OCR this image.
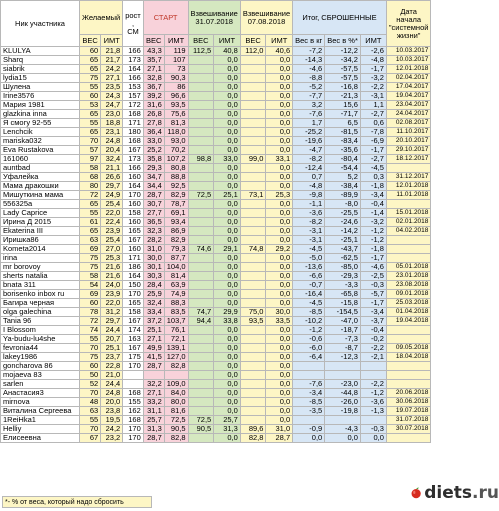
Ник участника	Желаемый		рост , СМ	СТАРТ		Взвешивание 31.07.2018		Взвешивание 07.08.2018		Итог, СБРОШЕННЫЕ			Дата начала "системной жизни"
	ВЕС	ИМТ		ВЕС	ИМТ	ВЕС	ИМТ	ВЕС	ИМТ	Вес в кг	Вес в %*	ИМТ	
KLULYA	60	21,8	166	43,3	119	112,5	40,8	112,0	40,6	-7,2	-12,2	-2,6	10.03.2017
Sharq	65	21,7	173	35,7	107		0,0		0,0	-14,3	-34,2	-4,8	10.03.2017
siabrik	65	24,2	164	27,1	73		0,0		0,0	-4,6	-57,5	-1,7	12.01.2018
lydia15	75	27,1	166	32,8	90,3		0,0		0,0	-8,8	-57,5	-3,2	02.04.2017
Шулена	55	23,5	153	36,7	86		0,0		0,0	-5,2	-16,8	-2,2	17.04.2017
Irine3576	60	24,3	157	39,2	96,6		0,0		0,0	-7,7	-21,3	-3,1	19.04.2017
Мария 1981	53	24,7	172	31,6	93,5		0,0		0,0	3,2	15,6	1,1	23.04.2017
glazkina inna	65	23,0	168	26,8	75,6		0,0		0,0	-7,6	-71,7	-2,7	24.04.2017
Я смогу 92-55	55	18,8	171	27,8	81,3		0,0		0,0	1,7	6,5	0,6	02.08.2017
Lenchcik	65	23,1	180	36,4	118,0		0,0		0,0	-25,2	-81,5	-7,8	11.10.2017
mariska032	70	24,8	168	33,0	93,0		0,0		0,0	-19,6	-83,4	-6,9	20.10.2017
Eva Rustakova	57	20,4	167	25,2	70,2		0,0		0,0	-4,7	-35,6	-1,7	29.10.2017
161060	97	32,4	173	35,8	107,2	98,8	33,0	99,0	33,1	-8,2	-80,4	-2,7	18.12.2017
auntbad	58	21,1	166	29,3	80,8		0,0		0,0	-12,4	-54,4	-4,5	
Уфалейка	68	26,6	160	34,7	88,8		0,0		0,0	0,7	5,2	0,3	31.12.2017
Мама дракошки	80	29,7	164	34,4	92,5		0,0		0,0	-4,8	-38,4	-1,8	12.01.2018
Мишуткина мама	72	24,9	170	28,7	82,9	72,5	25,1	73,1	25,3	-9,8	-89,9	-3,4	11.01.2018
556325а	65	25,4	160	30,7	78,7		0,0		0,0	-1,1	-8,0	-0,4	
Lady Caprice	55	22,0	158	27,7	69,1		0,0		0,0	-3,6	-25,5	-1,4	15.01.2018
Ирина Д 2015	61	22,4	160	36,5	93,4		0,0		0,0	-8,2	-24,6	-3,2	02.01.2018
Ekaterina III	65	23,9	165	32,3	86,9		0,0		0,0	-3,1	-14,2	-1,2	04.02.2018
Иришка86	63	25,4	167	28,2	82,9		0,0		0,0	-3,1	-25,1	-1,2	
Kometa2014	69	27,0	160	31,0	79,3	74,6	29,1	74,8	29,2	-4,5	-43,7	-1,8	
irina	75	25,3	171	30,0	87,7		0,0		0,0	-5,0	-62,5	-1,7	
mr borovoy	75	21,6	186	30,1	104,0		0,0		0,0	-13,6	-85,0	-4,6	05.01.2018
sherts natalia	58	21,6	164	30,3	81,4		0,0		0,0	-6,6	-29,3	-2,5	23.01.2018
bnata 311	54	24,0	150	28,4	63,9		0,0		0,0	-0,7	-3,3	-0,3	23.08.2018
borisenko inbox ru	69	23,9	170	25,9	74,9		0,0		0,0	-16,4	-65,8	-5,7	09.01.2018
Багира черная	60	22,0	165	32,4	88,3		0,0		0,0	-4,5	-15,8	-1,7	25.03.2018
olga galechina	78	31,2	158	33,4	83,5	74,7	29,9	75,0	30,0	-8,5	-154,5	-3,4	01.04.2018
Tania 96	72	29,7	167	37,2	103,7	94,4	33,8	93,5	33,5	-10,2	-47,0	-3,7	19.04.2018
I Blossom	74	24,4	174	25,1	76,1		0,0		0,0	-1,2	-18,7	-0,4	
Ya-budu-lu4she	55	20,7	163	27,1	72,1		0,0		0,0	-0,6	-7,3	-0,2	
fevronia44	70	25,1	167	49,9	139,1		0,0		0,0	-6,0	-8,7	-2,2	09.05.2018
lakey1986	75	23,7	175	41,5	127,0		0,0		0,0	-6,4	-12,3	-2,1	18.04.2018
goncharova 86	60	22,8	170	28,7	82,8		0,0		0,0				
mojaeva 83	50	21,0					0,0		0,0				
sarlen	52	24,4		32,2	109,0		0,0		0,0	-7,6	-23,0	-2,2	
Анастасия3	70	24,8	168	27,1	84,0		0,0		0,0	-3,4	-44,8	-1,2	20.06.2018
mirnova	48	20,0	155	33,2	80,0		0,0		0,0	-8,5	-26,0	-3,6	30.06.2018
Виталина Сергеева	63	23,8	162	31,1	81,6		0,0		0,0	-3,5	-19,8	-1,3	19.07.2018
1ReiHka1	55	19,5	168	25,7	72,5	72,5	25,7		0,0				31.07.2018
Helliy	70	24,2	170	31,3	90,5	90,5	31,3	89,6	31,0	-0,9	-4,3	-0,3	30.07.2018
Елисеевна	67	23,2	170	28,7	82,8		0,0	82,8	28,7	0,0	0,0	0,0	
*- % от веса, который надо сбросить	diets.ru
